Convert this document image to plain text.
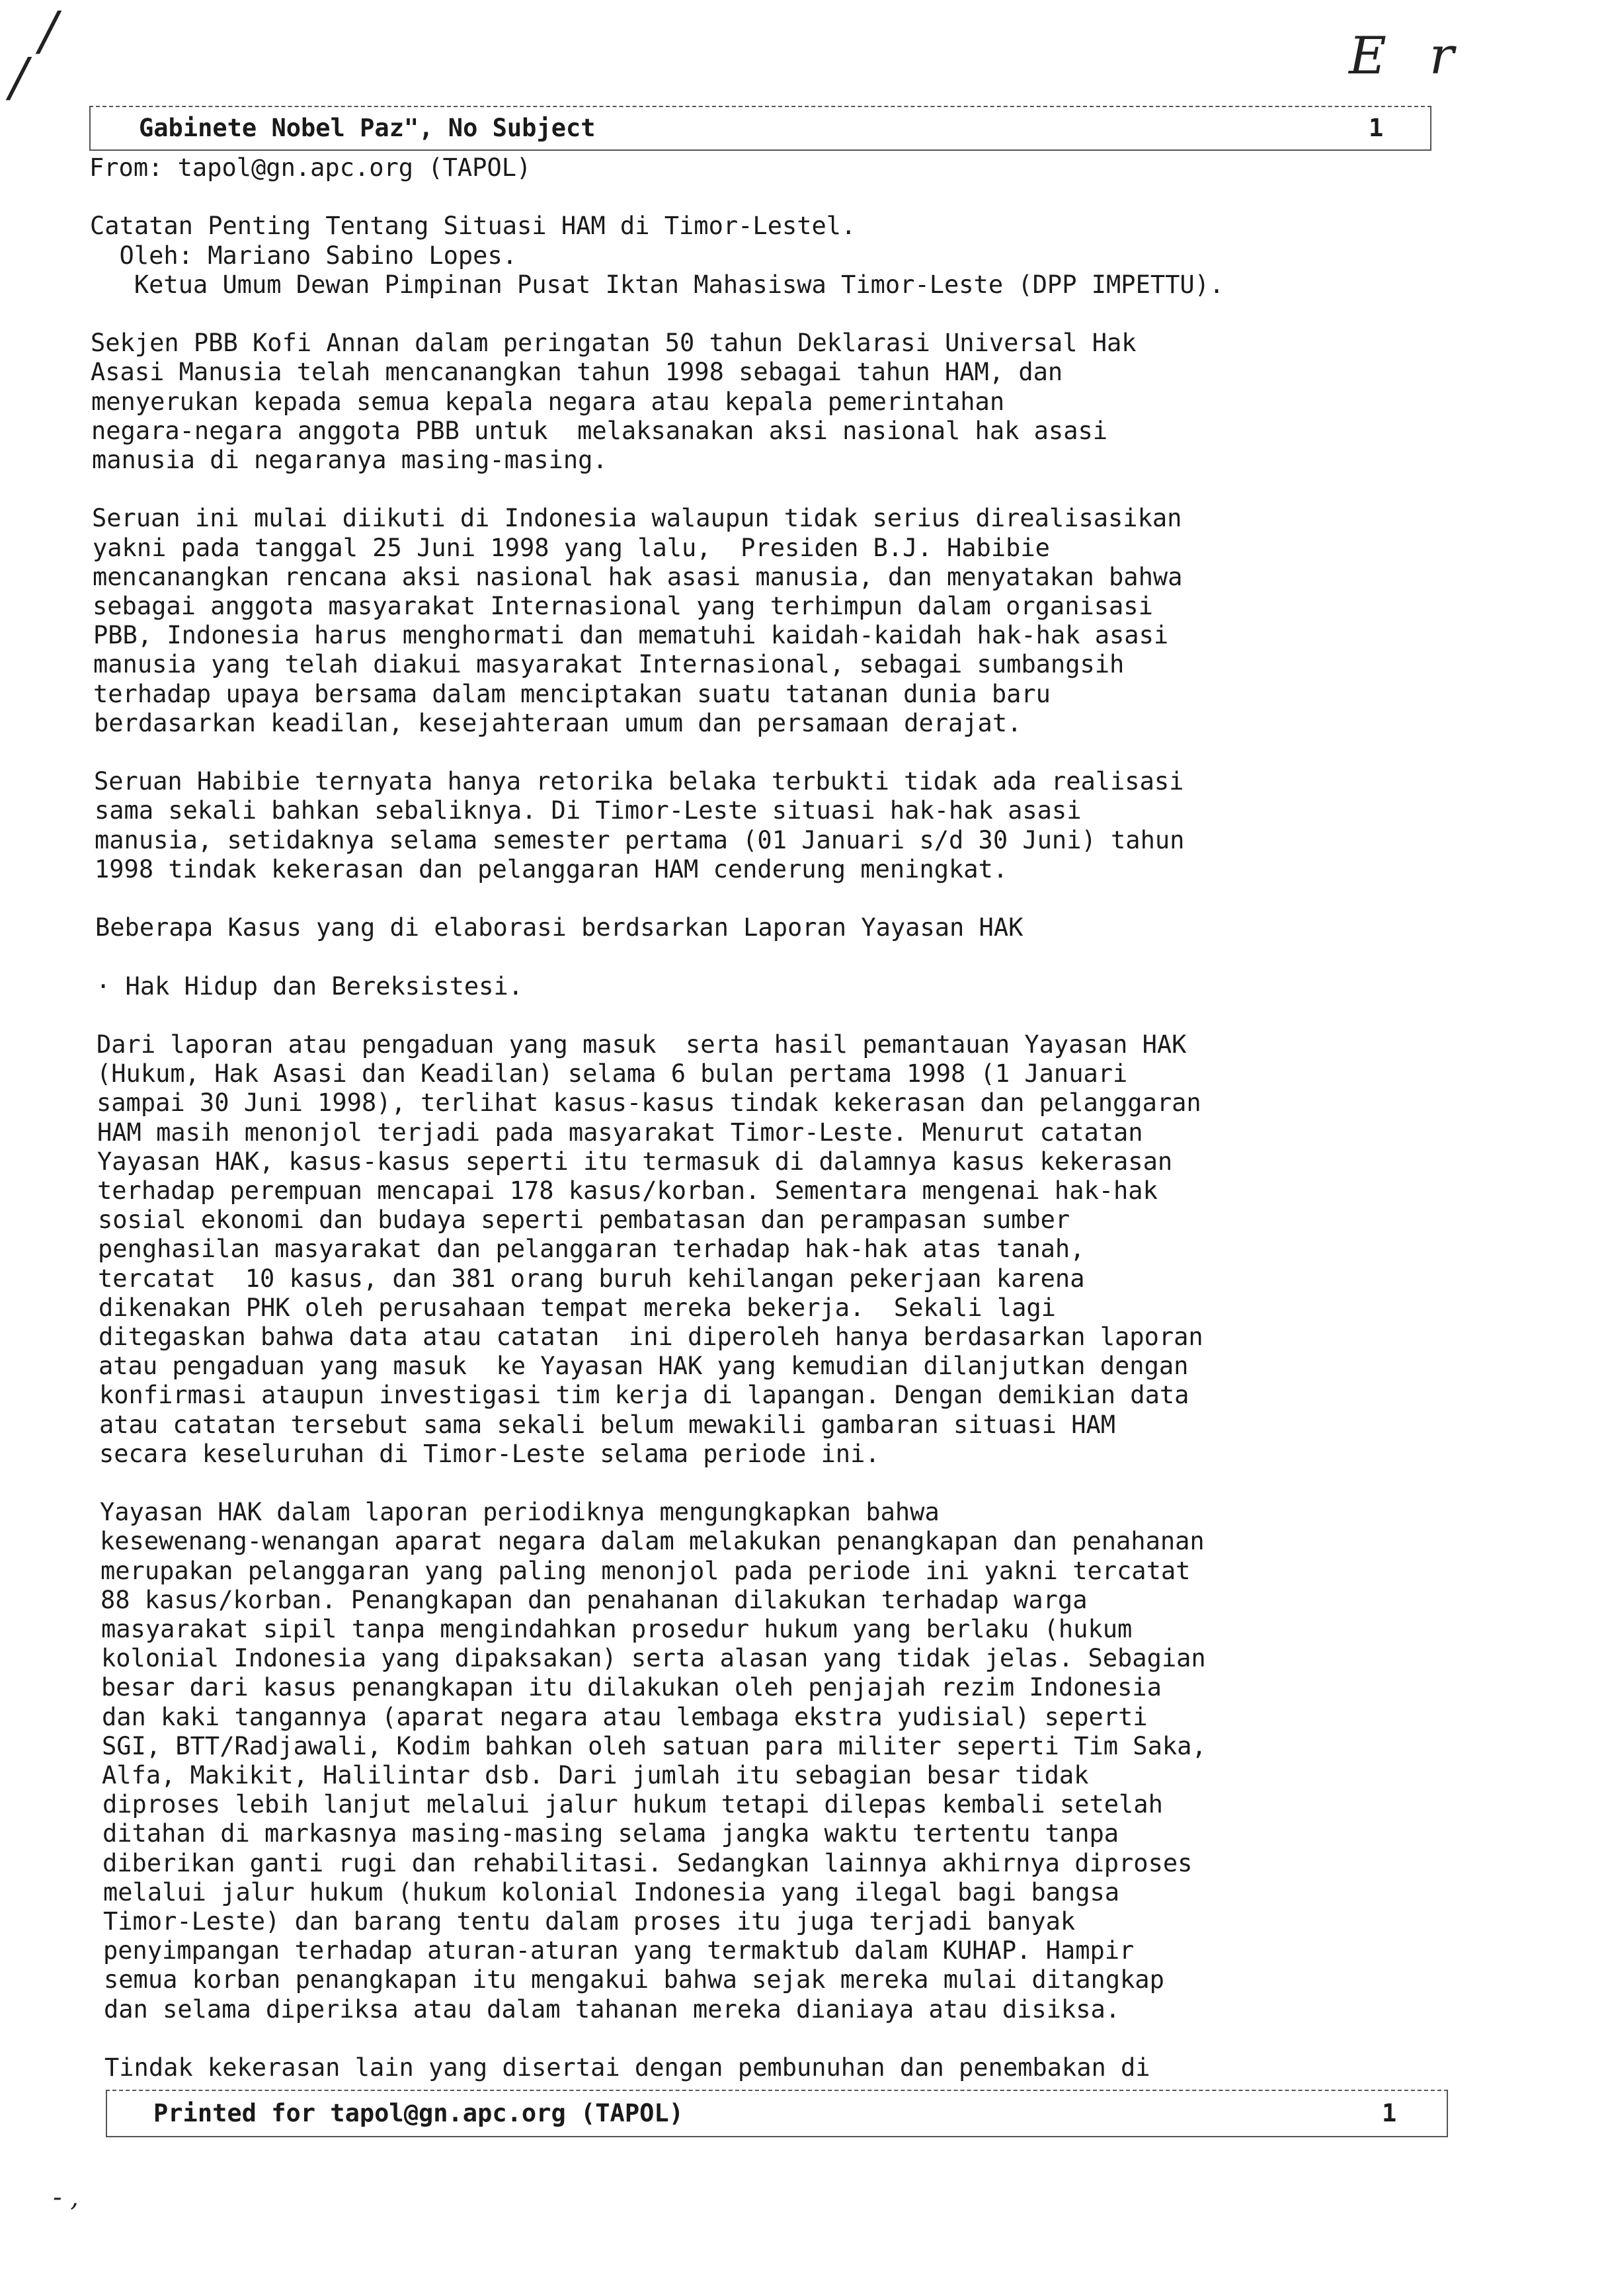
/
/	E r
Gabinete Nobel Paz", No Subject	1
From: tapol@gn.apc.org (TAPOL)
Catatan Penting Tentang Situasi HAM di Timor-Lestel.
Oleh: Mariano Sabino Lopes.
Ketua Umum Dewan Pimpinan Pusat Iktan Mahasiswa Timor-Leste (DPP IMPETTU).
Sekjen PBB Kofi Annan dalam peringatan 50 tahun Deklarasi Universal Hak
Asasi Manusia telah mencanangkan tahun 1998 sebagai tahun HAM, dan
menyerukan kepada semua kepala negara atau kepala pemerintahan
negara-negara anggota PBB untuk  melaksanakan aksi nasional hak asasi
manusia di negaranya masing-masing.
Seruan ini mulai diikuti di Indonesia walaupun tidak serius direalisasikan
yakni pada tanggal 25 Juni 1998 yang lalu,  Presiden B.J. Habibie
mencanangkan rencana aksi nasional hak asasi manusia, dan menyatakan bahwa
sebagai anggota masyarakat Internasional yang terhimpun dalam organisasi
PBB, Indonesia harus menghormati dan mematuhi kaidah-kaidah hak-hak asasi
manusia yang telah diakui masyarakat Internasional, sebagai sumbangsih
terhadap upaya bersama dalam menciptakan suatu tatanan dunia baru
berdasarkan keadilan, kesejahteraan umum dan persamaan derajat.
Seruan Habibie ternyata hanya retorika belaka terbukti tidak ada realisasi
sama sekali bahkan sebaliknya. Di Timor-Leste situasi hak-hak asasi
manusia, setidaknya selama semester pertama (01 Januari s/d 30 Juni) tahun
1998 tindak kekerasan dan pelanggaran HAM cenderung meningkat.
Beberapa Kasus yang di elaborasi berdsarkan Laporan Yayasan HAK
· Hak Hidup dan Bereksistesi.
Dari laporan atau pengaduan yang masuk  serta hasil pemantauan Yayasan HAK
(Hukum, Hak Asasi dan Keadilan) selama 6 bulan pertama 1998 (1 Januari
sampai 30 Juni 1998), terlihat kasus-kasus tindak kekerasan dan pelanggaran
HAM masih menonjol terjadi pada masyarakat Timor-Leste. Menurut catatan
Yayasan HAK, kasus-kasus seperti itu termasuk di dalamnya kasus kekerasan
terhadap perempuan mencapai 178 kasus/korban. Sementara mengenai hak-hak
sosial ekonomi dan budaya seperti pembatasan dan perampasan sumber
penghasilan masyarakat dan pelanggaran terhadap hak-hak atas tanah,
tercatat  10 kasus, dan 381 orang buruh kehilangan pekerjaan karena
dikenakan PHK oleh perusahaan tempat mereka bekerja.  Sekali lagi
ditegaskan bahwa data atau catatan  ini diperoleh hanya berdasarkan laporan
atau pengaduan yang masuk  ke Yayasan HAK yang kemudian dilanjutkan dengan
konfirmasi ataupun investigasi tim kerja di lapangan. Dengan demikian data
atau catatan tersebut sama sekali belum mewakili gambaran situasi HAM
secara keseluruhan di Timor-Leste selama periode ini.
Yayasan HAK dalam laporan periodiknya mengungkapkan bahwa
kesewenang-wenangan aparat negara dalam melakukan penangkapan dan penahanan
merupakan pelanggaran yang paling menonjol pada periode ini yakni tercatat
88 kasus/korban. Penangkapan dan penahanan dilakukan terhadap warga
masyarakat sipil tanpa mengindahkan prosedur hukum yang berlaku (hukum
kolonial Indonesia yang dipaksakan) serta alasan yang tidak jelas. Sebagian
besar dari kasus penangkapan itu dilakukan oleh penjajah rezim Indonesia
dan kaki tangannya (aparat negara atau lembaga ekstra yudisial) seperti
SGI, BTT/Radjawali, Kodim bahkan oleh satuan para militer seperti Tim Saka,
Alfa, Makikit, Halilintar dsb. Dari jumlah itu sebagian besar tidak
diproses lebih lanjut melalui jalur hukum tetapi dilepas kembali setelah
ditahan di markasnya masing-masing selama jangka waktu tertentu tanpa
diberikan ganti rugi dan rehabilitasi. Sedangkan lainnya akhirnya diproses
melalui jalur hukum (hukum kolonial Indonesia yang ilegal bagi bangsa
Timor-Leste) dan barang tentu dalam proses itu juga terjadi banyak
penyimpangan terhadap aturan-aturan yang termaktub dalam KUHAP. Hampir
semua korban penangkapan itu mengakui bahwa sejak mereka mulai ditangkap
dan selama diperiksa atau dalam tahanan mereka dianiaya atau disiksa.
Tindak kekerasan lain yang disertai dengan pembunuhan dan penembakan di
Printed for tapol@gn.apc.org (TAPOL)	1
- ,
